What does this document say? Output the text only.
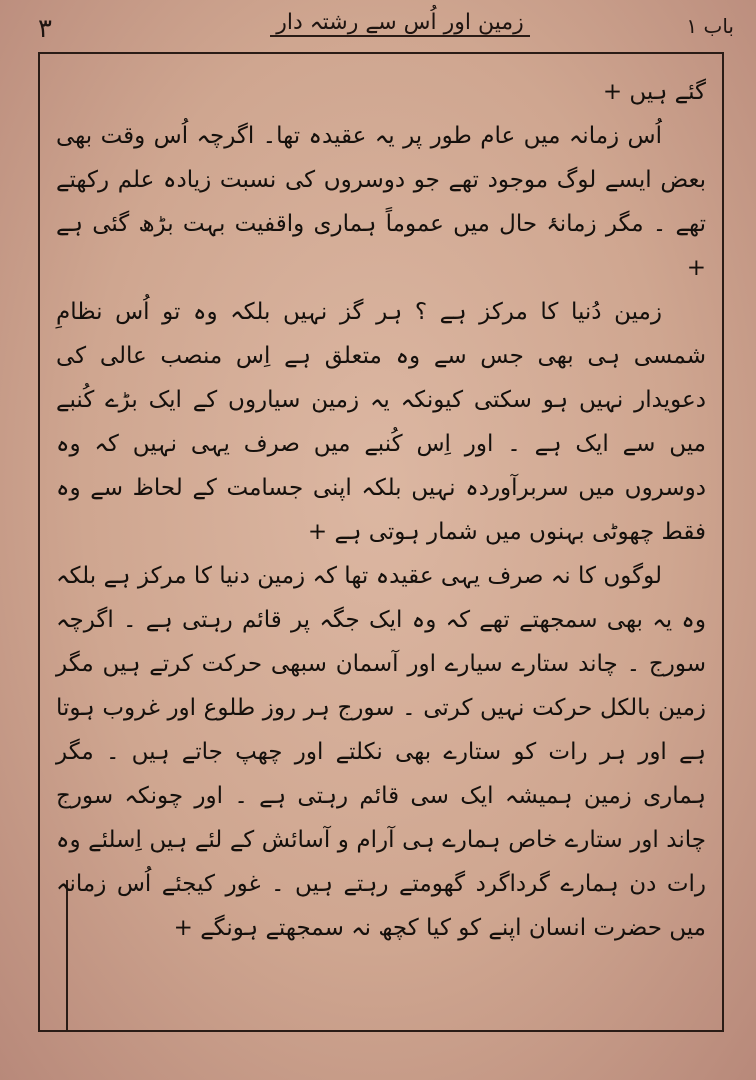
۳	زمین اور اُس سے رشتہ دار	باب ۱

گئے ہیں +

اُس زمانہ میں عام طور پر یہ عقیدہ تھا۔ اگرچہ اُس وقت بھی بعض ایسے لوگ موجود تھے جو دوسروں کی نسبت زیادہ علم رکھتے تھے ۔ مگر زمانۂ حال میں عموماً ہماری واقفیت بہت بڑھ گئی ہے +

زمین دُنیا کا مرکز ہے ؟ ہر گز نہیں بلکہ وہ تو اُس نظامِ شمسی ہی بھی جس سے وہ متعلق ہے اِس منصب عالی کی دعویدار نہیں ہو سکتی کیونکہ یہ زمین سیاروں کے ایک بڑے کُنبے میں سے ایک ہے ۔ اور اِس کُنبے میں صرف یہی نہیں کہ وہ دوسروں میں سربرآوردہ نہیں بلکہ اپنی جسامت کے لحاظ سے وہ فقط چھوٹی بہنوں میں شمار ہوتی ہے +

لوگوں کا نہ صرف یہی عقیدہ تھا کہ زمین دنیا کا مرکز ہے بلکہ وہ یہ بھی سمجھتے تھے کہ وہ ایک جگہ پر قائم رہتی ہے ۔ اگرچہ سورج ۔ چاند ستارے سیارے اور آسمان سبھی حرکت کرتے ہیں مگر زمین بالکل حرکت نہیں کرتی ۔ سورج ہر روز طلوع اور غروب ہوتا ہے اور ہر رات کو ستارے بھی نکلتے اور چھپ جاتے ہیں ۔ مگر ہماری زمین ہمیشہ ایک سی قائم رہتی ہے ۔ اور چونکہ سورج چاند اور ستارے خاص ہمارے ہی آرام و آسائش کے لئے ہیں اِسلئے وہ رات دن ہمارے گرداگرد گھومتے رہتے ہیں ۔ غور کیجئے اُس زمانہ میں حضرت انسان اپنے کو کیا کچھ نہ سمجھتے ہونگے +
